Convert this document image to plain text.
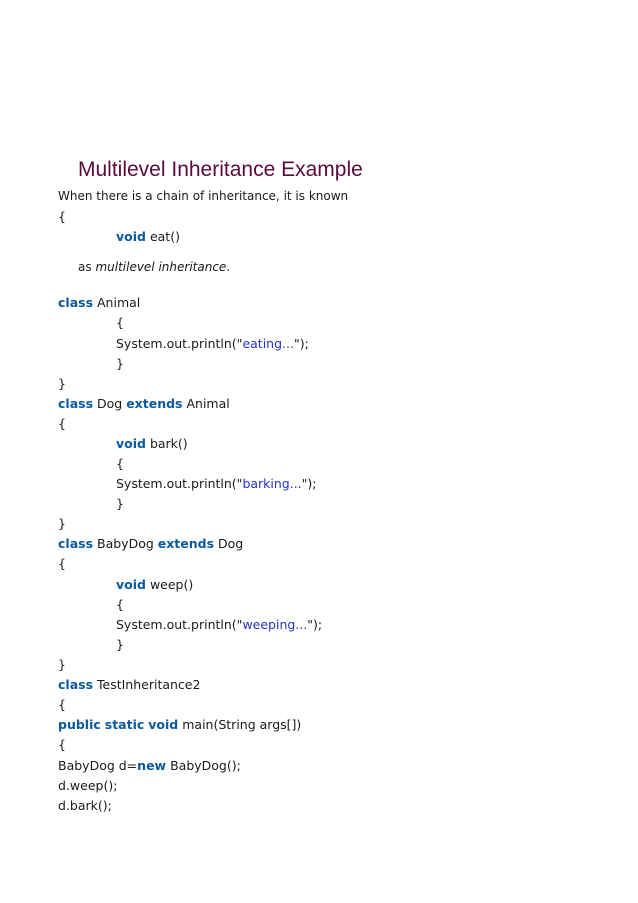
Multilevel Inheritance Example
When there is a chain of inheritance, it is known
{
void eat()
as multilevel inheritance.
class Animal
{
System.out.println("eating...");
}
}
class Dog extends Animal
{
void bark()
{
System.out.println("barking...");
}
}
class BabyDog extends Dog
{
void weep()
{
System.out.println("weeping...");
}
}
class TestInheritance2
{
public static void main(String args[])
{
BabyDog d=new BabyDog();
d.weep();
d.bark();
